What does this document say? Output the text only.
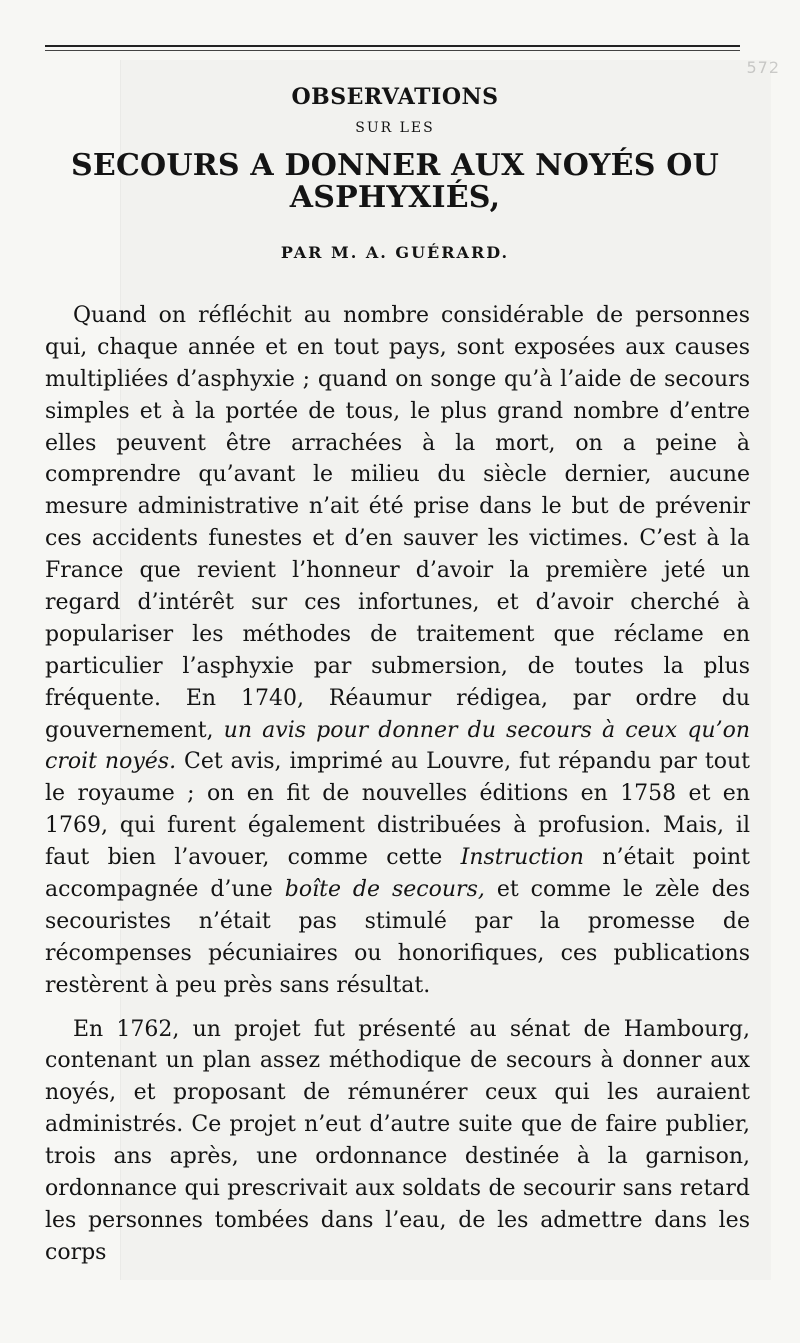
572
OBSERVATIONS
SUR LES
SECOURS A DONNER AUX NOYÉS OU ASPHYXIÉS,
PAR M. A. GUÉRARD.

Quand on réfléchit au nombre considérable de personnes qui, chaque année et en tout pays, sont exposées aux causes multipliées d’asphyxie ; quand on songe qu’à l’aide de secours simples et à la portée de tous, le plus grand nombre d’entre elles peuvent être arrachées à la mort, on a peine à comprendre qu’avant le milieu du siècle dernier, aucune mesure administrative n’ait été prise dans le but de prévenir ces accidents funestes et d’en sauver les victimes. C’est à la France que revient l’honneur d’avoir la première jeté un regard d’intérêt sur ces infortunes, et d’avoir cherché à populariser les méthodes de traitement que réclame en particulier l’asphyxie par submersion, de toutes la plus fréquente. En 1740, Réaumur rédigea, par ordre du gouvernement, un avis pour donner du secours à ceux qu’on croit noyés. Cet avis, imprimé au Louvre, fut répandu par tout le royaume ; on en fit de nouvelles éditions en 1758 et en 1769, qui furent également distribuées à profusion. Mais, il faut bien l’avouer, comme cette Instruction n’était point accompagnée d’une boîte de secours, et comme le zèle des secouristes n’était pas stimulé par la promesse de récompenses pécuniaires ou honorifiques, ces publications restèrent à peu près sans résultat.

En 1762, un projet fut présenté au sénat de Hambourg, contenant un plan assez méthodique de secours à donner aux noyés, et proposant de rémunérer ceux qui les auraient administrés. Ce projet n’eut d’autre suite que de faire publier, trois ans après, une ordonnance destinée à la garnison, ordonnance qui prescrivait aux soldats de secourir sans retard les personnes tombées dans l’eau, de les admettre dans les corps
